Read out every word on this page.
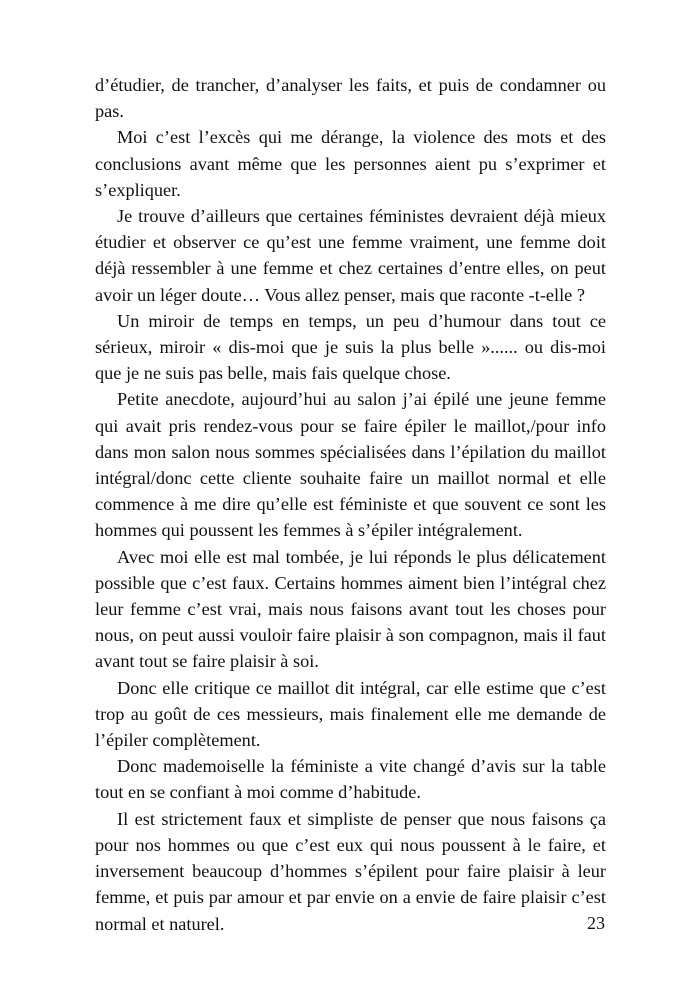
d’étudier, de trancher, d’analyser les faits, et puis de condamner ou pas.

Moi c’est l’excès qui me dérange, la violence des mots et des conclusions avant même que les personnes aient pu s’exprimer et s’expliquer.

Je trouve d’ailleurs que certaines féministes devraient déjà mieux étudier et observer ce qu’est une femme vraiment, une femme doit déjà ressembler à une femme et chez certaines d’entre elles, on peut avoir un léger doute… Vous allez penser, mais que raconte -t-elle ?

Un miroir de temps en temps, un peu d’humour dans tout ce sérieux, miroir « dis-moi que je suis la plus belle »...... ou dis-moi que je ne suis pas belle, mais fais quelque chose.

Petite anecdote, aujourd’hui au salon j’ai épilé une jeune femme qui avait pris rendez-vous pour se faire épiler le maillot,/pour info dans mon salon nous sommes spécialisées dans l’épilation du maillot intégral/donc cette cliente souhaite faire un maillot normal et elle commence à me dire qu’elle est féministe et que souvent ce sont les hommes qui poussent les femmes à s’épiler intégralement.

Avec moi elle est mal tombée, je lui réponds le plus délicatement possible que c’est faux. Certains hommes aiment bien l’intégral chez leur femme c’est vrai, mais nous faisons avant tout les choses pour nous, on peut aussi vouloir faire plaisir à son compagnon, mais il faut avant tout se faire plaisir à soi.

Donc elle critique ce maillot dit intégral, car elle estime que c’est trop au goût de ces messieurs, mais finalement elle me demande de l’épiler complètement.

Donc mademoiselle la féministe a vite changé d’avis sur la table tout en se confiant à moi comme d’habitude.

Il est strictement faux et simpliste de penser que nous faisons ça pour nos hommes ou que c’est eux qui nous poussent à le faire, et inversement beaucoup d’hommes s’épilent pour faire plaisir à leur femme, et puis par amour et par envie on a envie de faire plaisir c’est normal et naturel.	23
